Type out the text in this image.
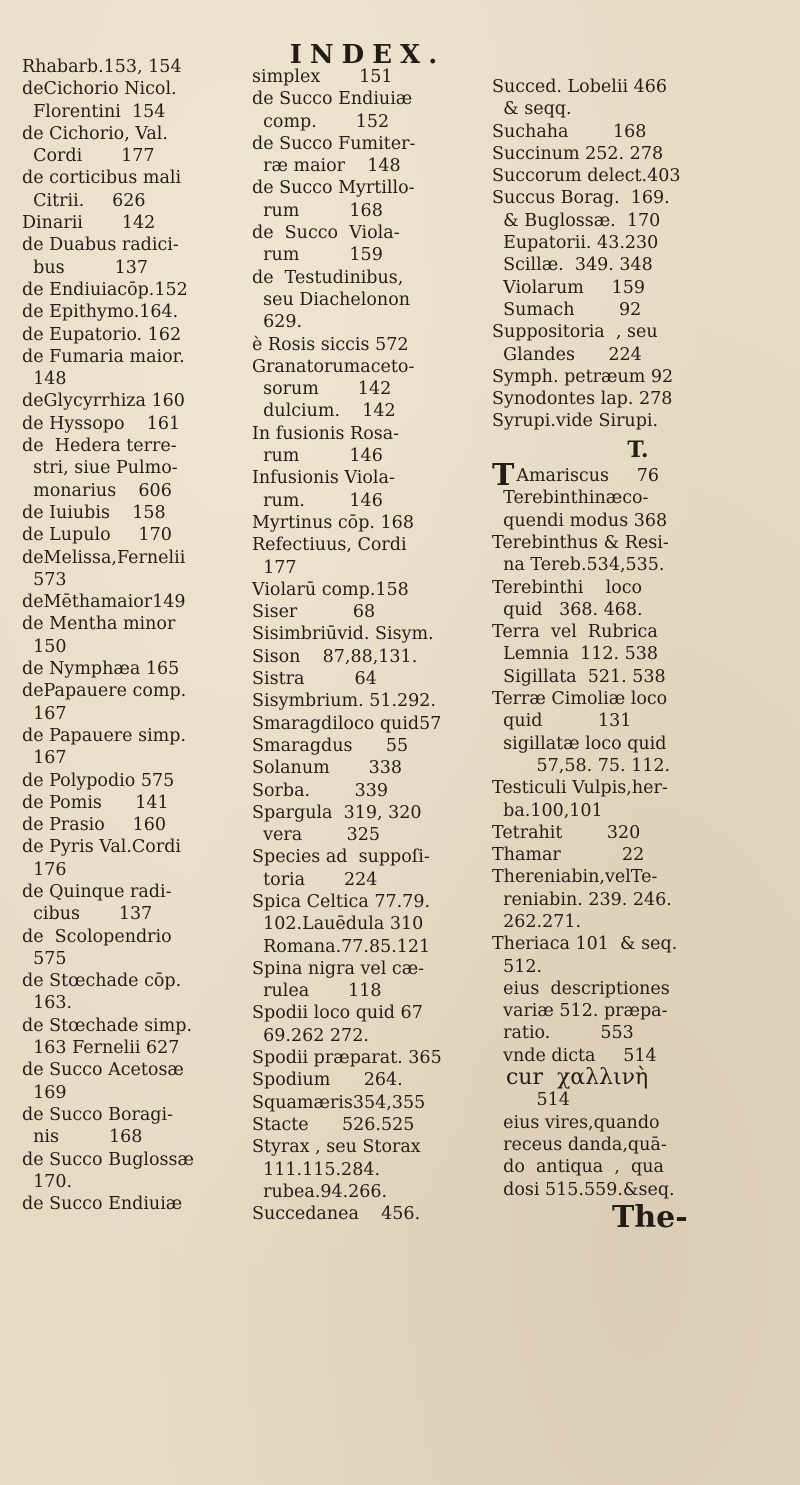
INDEX.
Rhabarb.153, 154
deCichorio Nicol.
Florentini  154
de Cichorio, Val.
Cordi       177
de corticibus mali
Citrii.     626
Dinarii       142
de Duabus radici-
bus         137
de Endiuiacōp.152
de Epithymo.164.
de Eupatorio. 162
de Fumaria maior.
148
deGlycyrrhiza 160
de Hyssopo    161
de  Hedera terre-
stri, siue Pulmo-
monarius    606
de Iuiubis    158
de Lupulo     170
deMelissa,Fernelii
573
deMēthamaior149
de Mentha minor
150
de Nymphæa 165
dePapauere comp.
167
de Papauere simp.
167
de Polypodio 575
de Pomis      141
de Prasio     160
de Pyris Val.Cordi
176
de Quinque radi-
cibus       137
de  Scolopendrio
575
de Stœchade cōp.
163.
de Stœchade simp.
163 Fernelii 627
de Succo Acetosæ
169
de Succo Boragi-
nis         168
de Succo Buglossæ
170.
de Succo Endiuiæ
simplex       151
de Succo Endiuiæ
comp.       152
de Succo Fumiter-
ræ maior    148
de Succo Myrtillo-
rum         168
de  Succo  Viola-
rum         159
de  Testudinibus,
seu Diachelonon
629.
è Rosis siccis 572
Granatorumaceto-
sorum       142
dulcium.    142
In fusionis Rosa-
rum         146
Infusionis Viola-
rum.        146
Myrtinus cōp. 168
Refectiuus, Cordi
177
Violarū comp.158
Siser          68
Sisimbriūvid. Sisym.
Sison    87,88,131.
Sistra         64
Sisymbrium. 51.292.
Smaragdiloco quid57
Smaragdus      55
Solanum       338
Sorba.        339
Spargula  319, 320
vera        325
Species ad  suppoſi-
toria       224
Spica Celtica 77.79.
102.Lauēdula 310
Romana.77.85.121
Spina nigra vel cæ-
rulea       118
Spodii loco quid 67
69.262 272.
Spodii præparat. 365
Spodium      264.
Squamæris354,355
Stacte      526.525
Styrax , seu Storax
111.115.284.
rubea.94.266.
Succedanea    456.
Succed. Lobelii 466
& seqq.
Suchaha        168
Succinum 252. 278
Succorum delect.403
Succus Borag.  169.
& Buglossæ.  170
Eupatorii. 43.230
Scillæ.  349. 348
Violarum     159
Sumach        92
Suppositoria  , seu
Glandes      224
Symph. petræum 92
Synodontes lap. 278
Syrupi.vide Sirupi.
T.
T Amariscus     76
Terebinthinæco-
quendi modus 368
Terebinthus & Resi-
na Tereb.534,535.
Terebinthi    loco
quid   368. 468.
Terra  vel  Rubrica
Lemnia  112. 538
Sigillata  521. 538
Terræ Cimoliæ loco
quid          131
sigillatæ loco quid
57,58. 75. 112.
Testiculi Vulpis,her-
ba.100,101
Tetrahit        320
Thamar           22
Thereniabin,velTe-
reniabin. 239. 246.
262.271.
Theriaca 101  & seq.
512.
eius  descriptiones
variæ 512. præpa-
ratio.         553
vnde dicta     514
cur  χαλλινὴ
514
eius vires,quando
receus danda,quā-
do  antiqua  ,  qua
dosi 515.559.&seq.
The-
